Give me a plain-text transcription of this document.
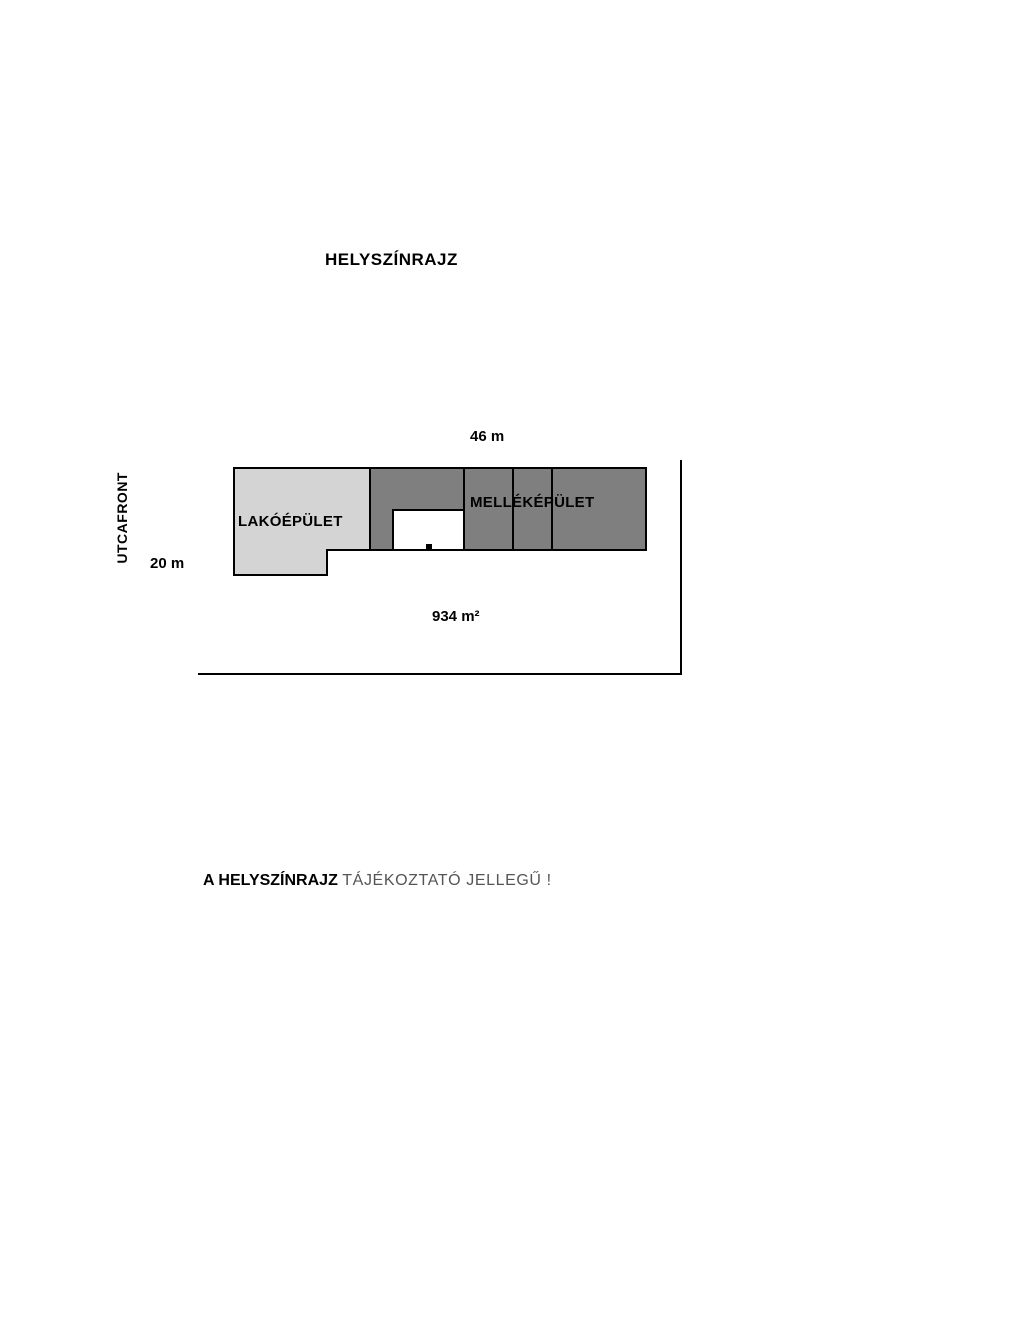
HELYSZÍNRAJZ
46 m
20 m
934 m²
UTCAFRONT	LAKÓÉPÜLET
MELLÉKÉPÜLET
A HELYSZÍNRAJZ TÁJÉKOZTATÓ JELLEGŰ !
